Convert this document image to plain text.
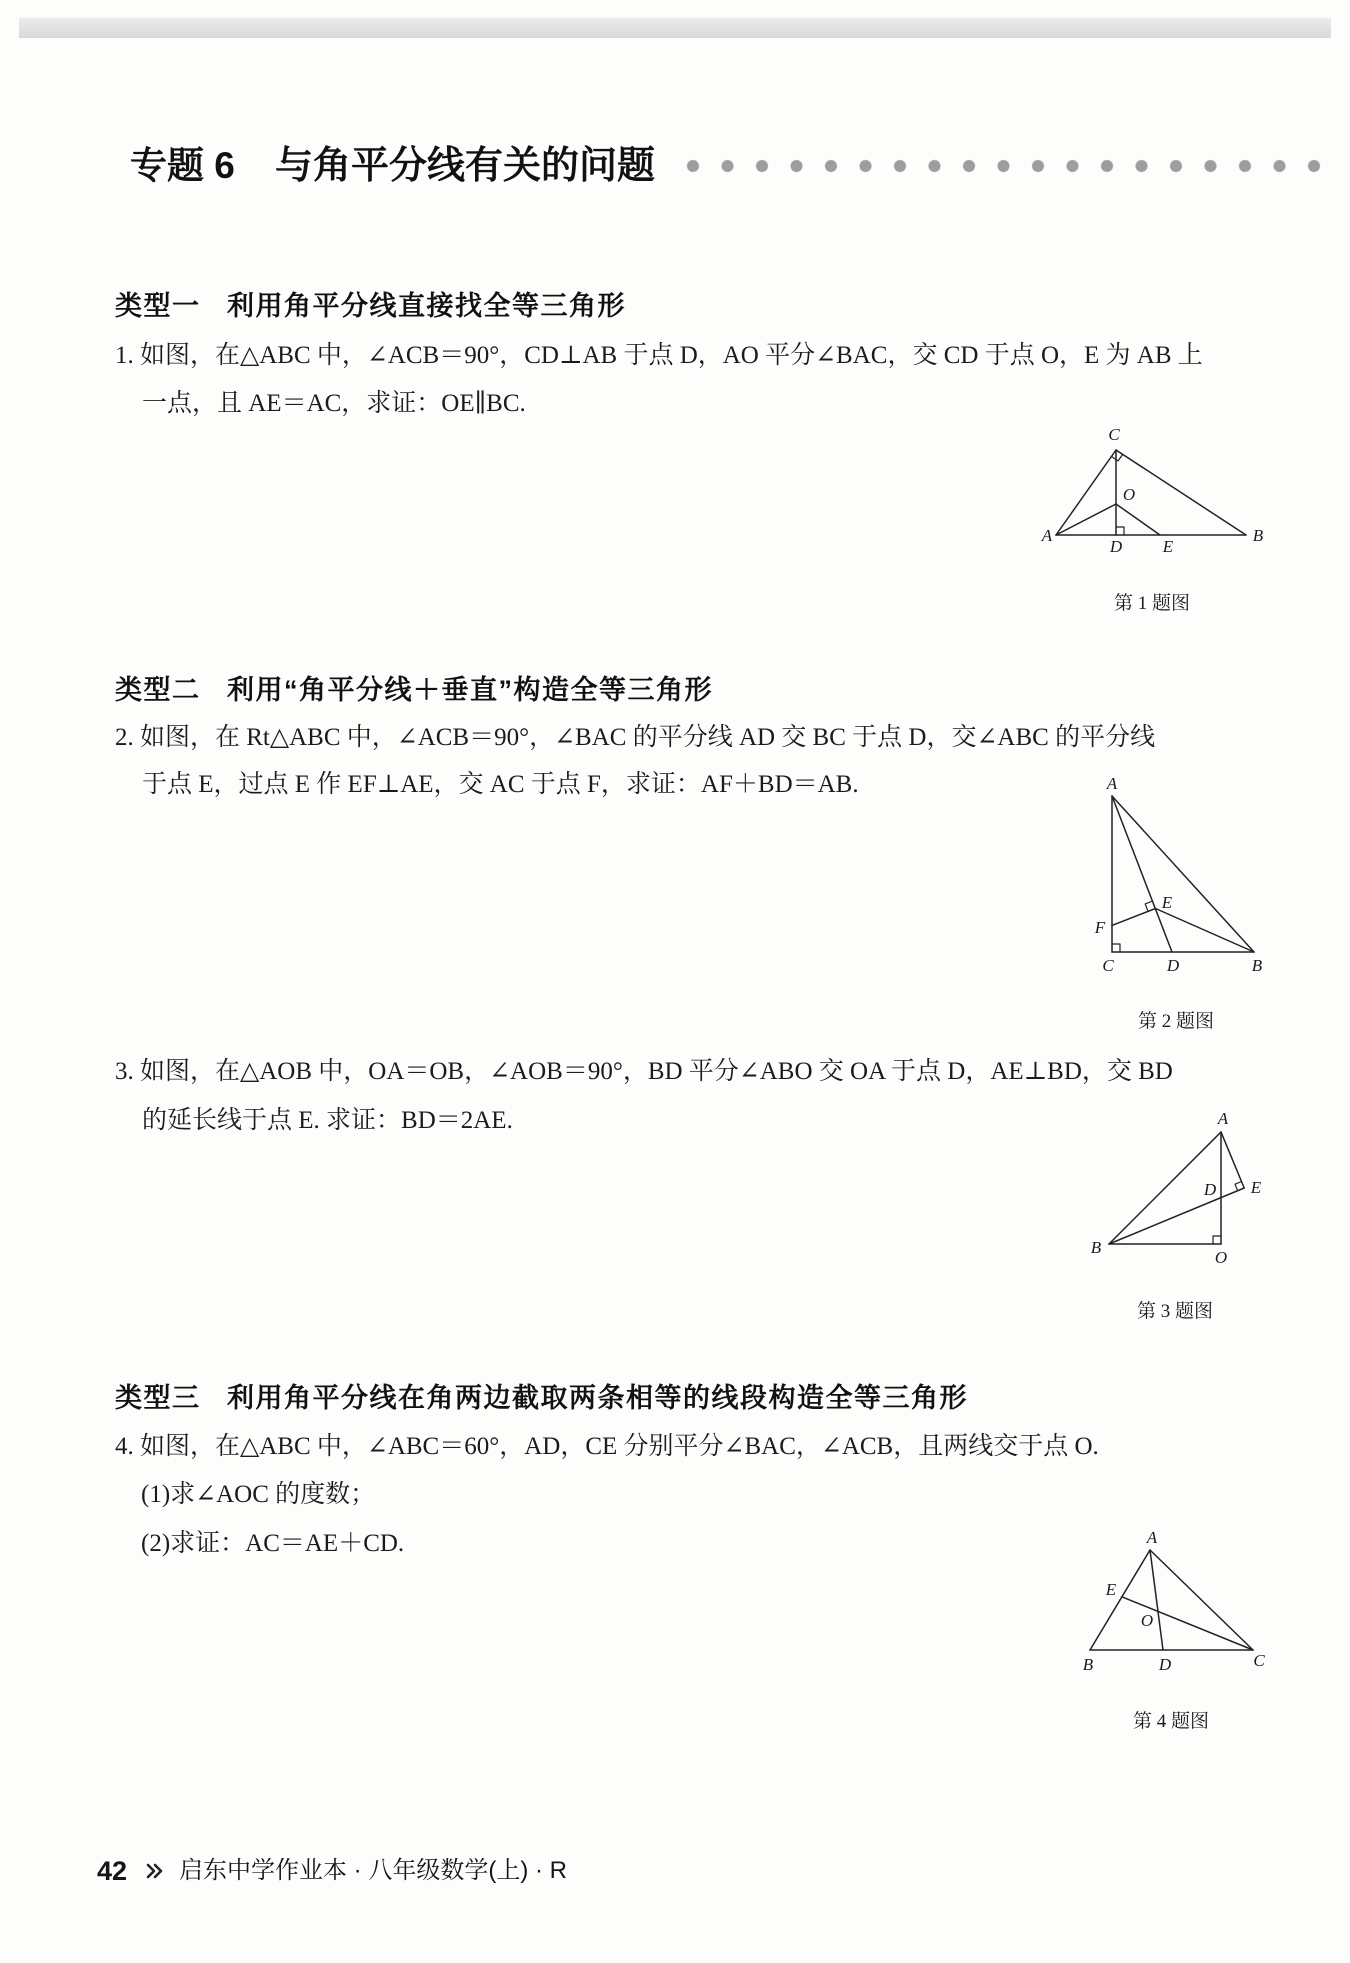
专题 6 与角平分线有关的问题
类型一 利用角平分线直接找全等三角形
1. 如图，在△ABC 中，∠ACB＝90°，CD⊥AB 于点 D，AO 平分∠BAC，交 CD 于点 O，E 为 AB 上
一点，且 AE＝AC，求证：OE∥BC.
C
O
A
D E
B
第 1 题图
类型二 利用“角平分线＋垂直”构造全等三角形
2. 如图，在 Rt△ABC 中，∠ACB＝90°，∠BAC 的平分线 AD 交 BC 于点 D，交∠ABC 的平分线
于点 E，过点 E 作 EF⊥AE，交 AC 于点 F，求证：AF＋BD＝AB.	A
E
F
C	D	B
第 2 题图
3. 如图，在△AOB 中，OA＝OB，∠AOB＝90°，BD 平分∠ABO 交 OA 于点 D，AE⊥BD，交 BD
的延长线于点 E. 求证：BD＝2AE.	A
D E
B
O
第 3 题图
类型三 利用角平分线在角两边截取两条相等的线段构造全等三角形
4. 如图，在△ABC 中，∠ABC＝60°，AD，CE 分别平分∠BAC，∠ACB，且两线交于点 O.
(1)求∠AOC 的度数；
(2)求证：AC＝AE＋CD.	A
E
O
B	D	C
第 4 题图
42 启东中学作业本 · 八年级数学(上) · R
